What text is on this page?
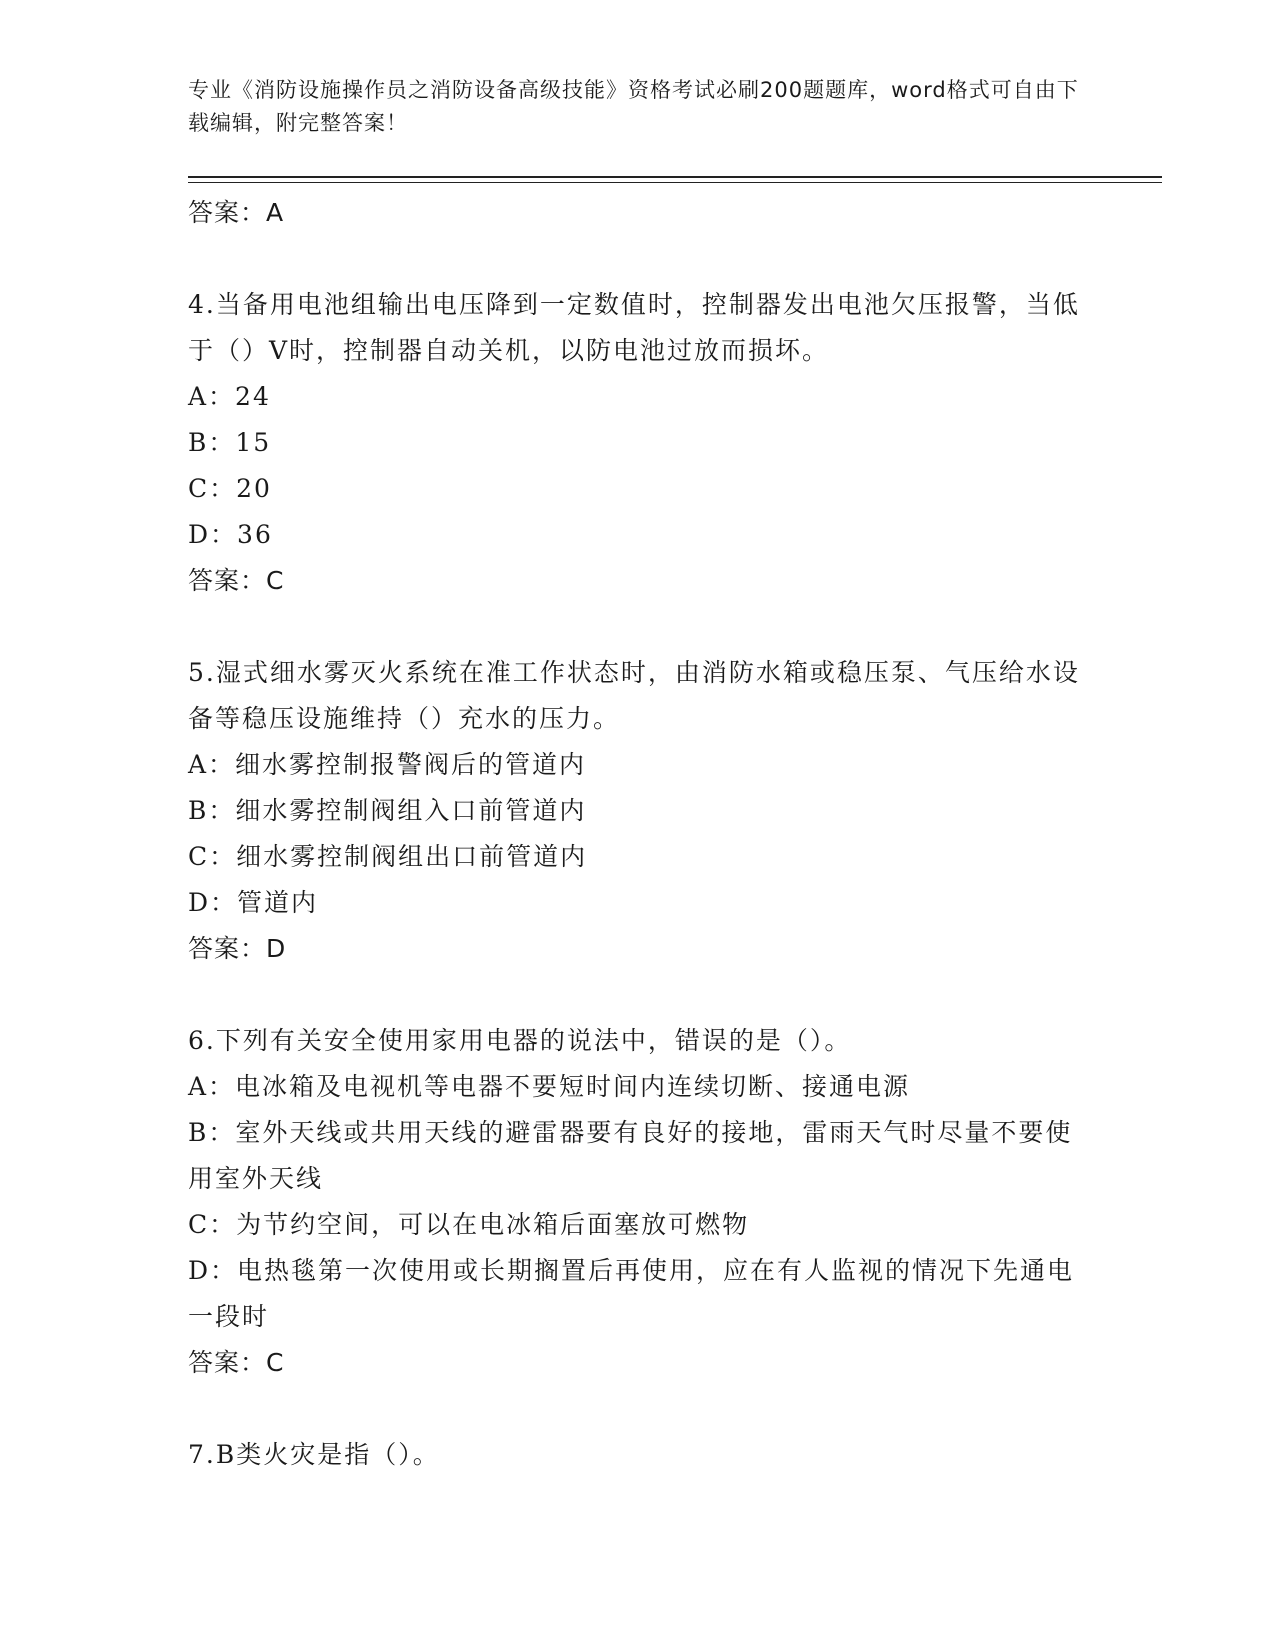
专业《消防设施操作员之消防设备高级技能》资格考试必刷200题题库，word格式可自由下载编辑，附完整答案！

答案：A

4.当备用电池组输出电压降到一定数值时，控制器发出电池欠压报警，当低于（）V时，控制器自动关机，以防电池过放而损坏。

A：24

B：15

C：20

D：36

答案：C

5.湿式细水雾灭火系统在准工作状态时，由消防水箱或稳压泵、气压给水设备等稳压设施维持（）充水的压力。

A：细水雾控制报警阀后的管道内

B：细水雾控制阀组入口前管道内

C：细水雾控制阀组出口前管道内

D：管道内

答案：D

6.下列有关安全使用家用电器的说法中，错误的是（）。

A：电冰箱及电视机等电器不要短时间内连续切断、接通电源

B：室外天线或共用天线的避雷器要有良好的接地，雷雨天气时尽量不要使用室外天线

C：为节约空间，可以在电冰箱后面塞放可燃物

D：电热毯第一次使用或长期搁置后再使用，应在有人监视的情况下先通电一段时

答案：C

7.B类火灾是指（）。
